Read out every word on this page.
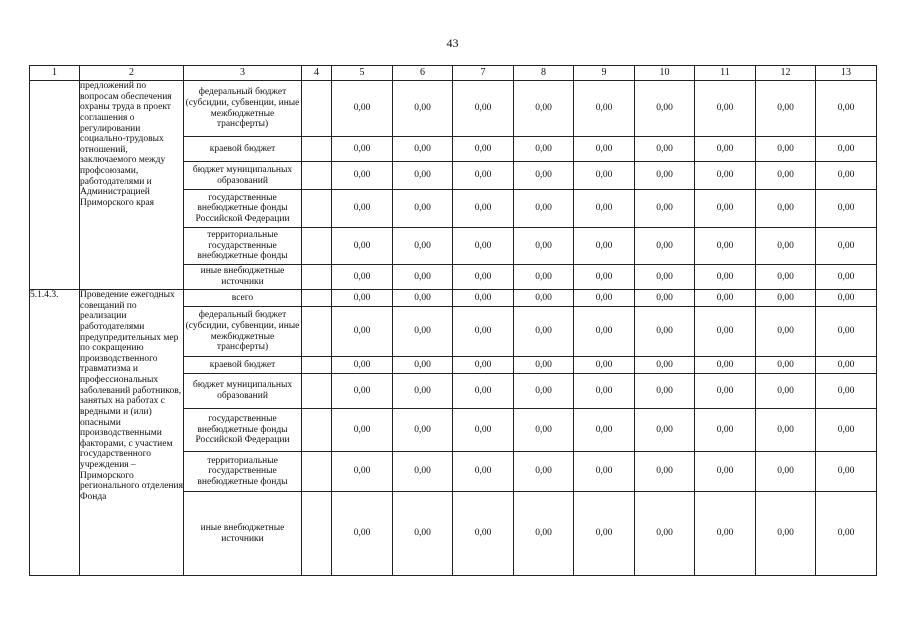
43
1	2	3	4	5	6	7	8	9	10	11	12	13
	предложений по вопросам обеспечения охраны труда в проект соглашения о регулировании социально-трудовых отношений, заключаемого между профсоюзами, работодателями и Администрацией Приморского края	федеральный бюджет (субсидии, субвенции, иные межбюджетные трансферты)		0,00	0,00	0,00	0,00	0,00	0,00	0,00	0,00	0,00
		краевой бюджет		0,00	0,00	0,00	0,00	0,00	0,00	0,00	0,00	0,00
		бюджет муниципальных образований		0,00	0,00	0,00	0,00	0,00	0,00	0,00	0,00	0,00
		государственные внебюджетные фонды Российской Федерации		0,00	0,00	0,00	0,00	0,00	0,00	0,00	0,00	0,00
		территориальные государственные внебюджетные фонды		0,00	0,00	0,00	0,00	0,00	0,00	0,00	0,00	0,00
		иные внебюджетные источники		0,00	0,00	0,00	0,00	0,00	0,00	0,00	0,00	0,00
5.1.4.3.	Проведение ежегодных совещаний по реализации работодателями предупредительных мер по сокращению производственного травматизма и профессиональных заболеваний работников, занятых на работах с вредными и (или) опасными производственными факторами, с участием государственного учреждения – Приморского регионального отделения Фонда	всего		0,00	0,00	0,00	0,00	0,00	0,00	0,00	0,00	0,00
		федеральный бюджет (субсидии, субвенции, иные межбюджетные трансферты)		0,00	0,00	0,00	0,00	0,00	0,00	0,00	0,00	0,00
		краевой бюджет		0,00	0,00	0,00	0,00	0,00	0,00	0,00	0,00	0,00
		бюджет муниципальных образований		0,00	0,00	0,00	0,00	0,00	0,00	0,00	0,00	0,00
		государственные внебюджетные фонды Российской Федерации		0,00	0,00	0,00	0,00	0,00	0,00	0,00	0,00	0,00
		территориальные государственные внебюджетные фонды		0,00	0,00	0,00	0,00	0,00	0,00	0,00	0,00	0,00
		иные внебюджетные источники		0,00	0,00	0,00	0,00	0,00	0,00	0,00	0,00	0,00
